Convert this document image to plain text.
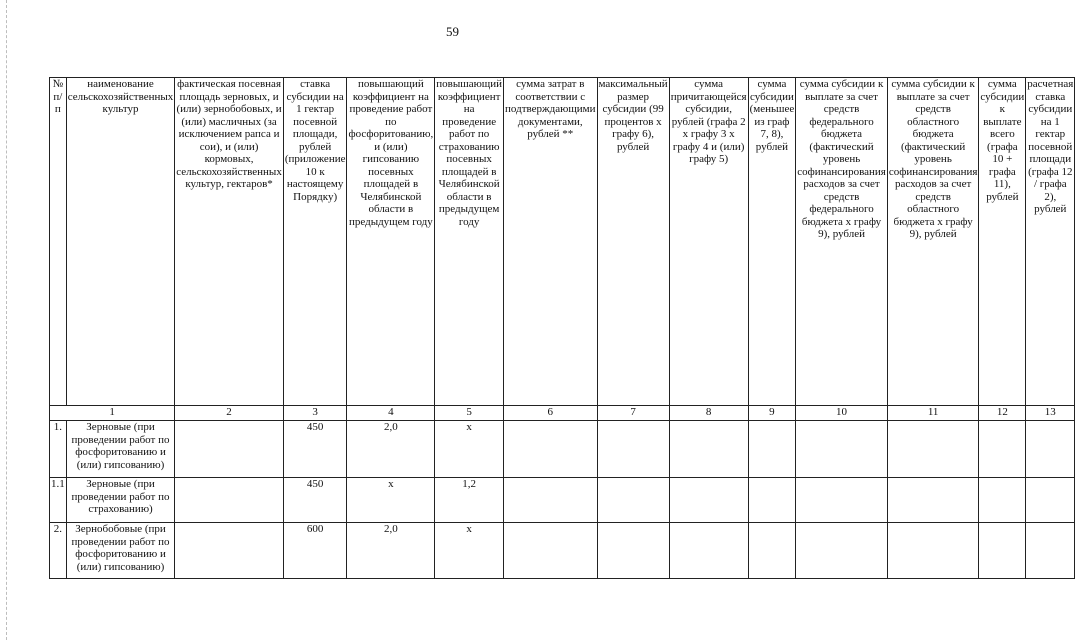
59
№ п/п	наименование сельскохозяйственных культур	фактическая посевная площадь зерновых, и (или) зернобобовых, и (или) масличных (за исключением рапса и сои), и (или) кормовых, сельскохозяйственных культур, гектаров*	ставка субсидии на 1 гектар посевной площади, рублей (приложение 10 к настоящему Порядку)	повышающий коэффициент на проведение работ по фосфоритованию, и (или) гипсованию посевных площадей в Челябинской области в предыдущем году	повышающий коэффициент на проведение работ по страхованию посевных площадей в Челябинской области в предыдущем году	сумма затрат в соответствии с подтверждающими документами, рублей **	максимальный размер субсидии (99 процентов x графу 6), рублей	сумма причитающейся субсидии, рублей (графа 2 x графу 3 x графу 4 и (или) графу 5)	сумма субсидии (меньшее из граф 7, 8), рублей	сумма субсидии к выплате за счет средств федерального бюджета (фактический уровень софинансирования расходов за счет средств федерального бюджета x графу 9), рублей	сумма субсидии к выплате за счет средств областного бюджета (фактический уровень софинансирования расходов за счет средств областного бюджета x графу 9), рублей	сумма субсидии к выплате всего (графа 10 + графа 11), рублей	расчетная ставка субсидии на 1 гектар посевной площади (графа 12 / графа 2), рублей
1		2	3	4	5	6	7	8	9	10	11	12	13
1.	Зерновые (при проведении работ по фосфоритованию и (или) гипсованию)		450	2,0	x								
1.1	Зерновые (при проведении работ по страхованию)		450	x	1,2								
2.	Зернобобовые (при проведении работ по фосфоритованию и (или) гипсованию)		600	2,0	x								
